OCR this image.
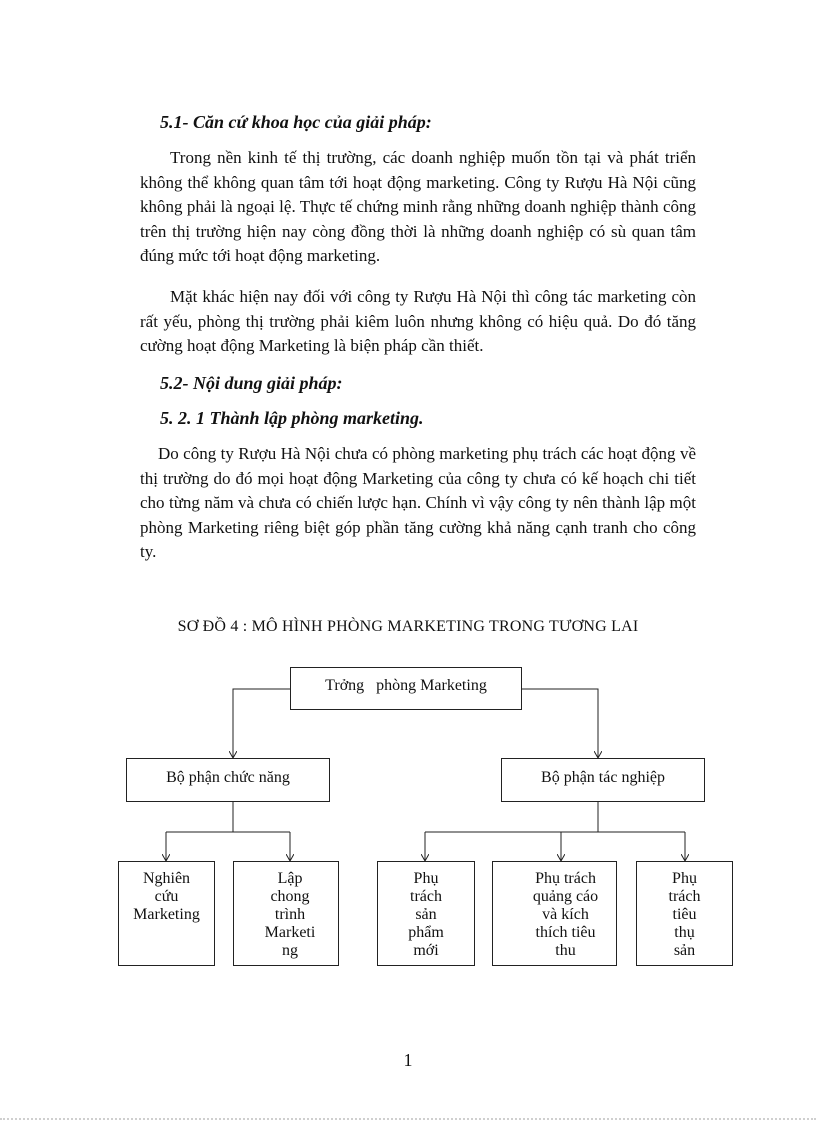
5.1- Căn cứ khoa học của giải pháp:

Trong nền kinh tế thị trường, các doanh nghiệp muốn tồn tại và phát triển không thể không quan tâm tới hoạt động marketing. Công ty Rượu Hà Nội cũng không phải là ngoại lệ. Thực tế chứng minh rằng những doanh nghiệp thành công trên thị trường hiện nay còng đồng thời là những doanh nghiệp có sù quan tâm đúng mức tới hoạt động marketing.

Mặt khác hiện nay đối với công ty Rượu Hà Nội thì công tác marketing còn rất yếu, phòng thị trường phải kiêm luôn nhưng không có hiệu quả. Do đó tăng cường hoạt động Marketing là biện pháp cần thiết.

5.2- Nội dung giải pháp:
5. 2. 1 Thành lập phòng marketing.

Do công ty Rượu Hà Nội chưa có phòng marketing phụ trách các hoạt động về thị trường do đó mọi hoạt động Marketing của công ty chưa có kế hoạch chi tiết cho từng năm và chưa có chiến lược hạn. Chính vì vậy công ty nên thành lập một phòng Marketing riêng biệt góp phần tăng cường khả năng cạnh tranh cho công ty.

SƠ ĐỒ 4 : MÔ HÌNH PHÒNG MARKETING TRONG TƯƠNG LAI
Trởng   phòng Marketing
Bộ phận chức năng	Bộ phận tác nghiệp
Nghiên
cứu
Marketing
Lập
chong
trình
Marketi
ng
Phụ
trách
sản
phẩm
mới
Phụ trách
quảng cáo
và kích
thích tiêu
thu
Phụ
trách
tiêu
thụ
sản
1
